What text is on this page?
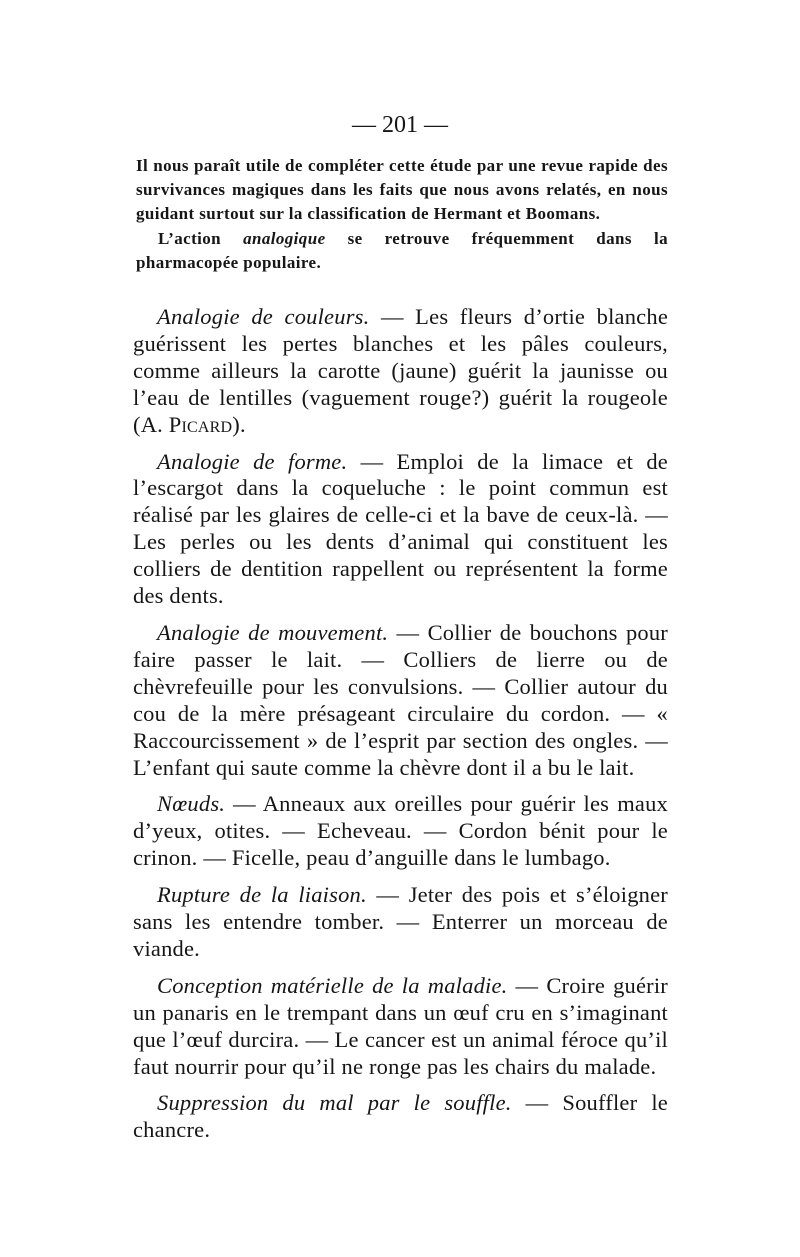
— 201 —

Il nous paraît utile de compléter cette étude par une revue rapide des survivances magiques dans les faits que nous avons relatés, en nous guidant surtout sur la classification de Hermant et Boomans.

L’action analogique se retrouve fréquemment dans la pharmacopée populaire.

Analogie de couleurs. — Les fleurs d’ortie blanche guérissent les pertes blanches et les pâles couleurs, comme ailleurs la carotte (jaune) guérit la jaunisse ou l’eau de lentilles (vaguement rouge?) guérit la rougeole (A. Picard).

Analogie de forme. — Emploi de la limace et de l’escargot dans la coqueluche : le point commun est réalisé par les glaires de celle-ci et la bave de ceux-là. — Les perles ou les dents d’animal qui constituent les colliers de dentition rappellent ou représentent la forme des dents.

Analogie de mouvement. — Collier de bouchons pour faire passer le lait. — Colliers de lierre ou de chèvrefeuille pour les convulsions. — Collier autour du cou de la mère présageant circulaire du cordon. — « Raccourcissement » de l’esprit par section des ongles. — L’enfant qui saute comme la chèvre dont il a bu le lait.

Nœuds. — Anneaux aux oreilles pour guérir les maux d’yeux, otites. — Echeveau. — Cordon bénit pour le crinon. — Ficelle, peau d’anguille dans le lumbago.

Rupture de la liaison. — Jeter des pois et s’éloigner sans les entendre tomber. — Enterrer un morceau de viande.

Conception matérielle de la maladie. — Croire guérir un panaris en le trempant dans un œuf cru en s’imaginant que l’œuf durcira. — Le cancer est un animal féroce qu’il faut nourrir pour qu’il ne ronge pas les chairs du malade.

Suppression du mal par le souffle. — Souffler le chancre.
